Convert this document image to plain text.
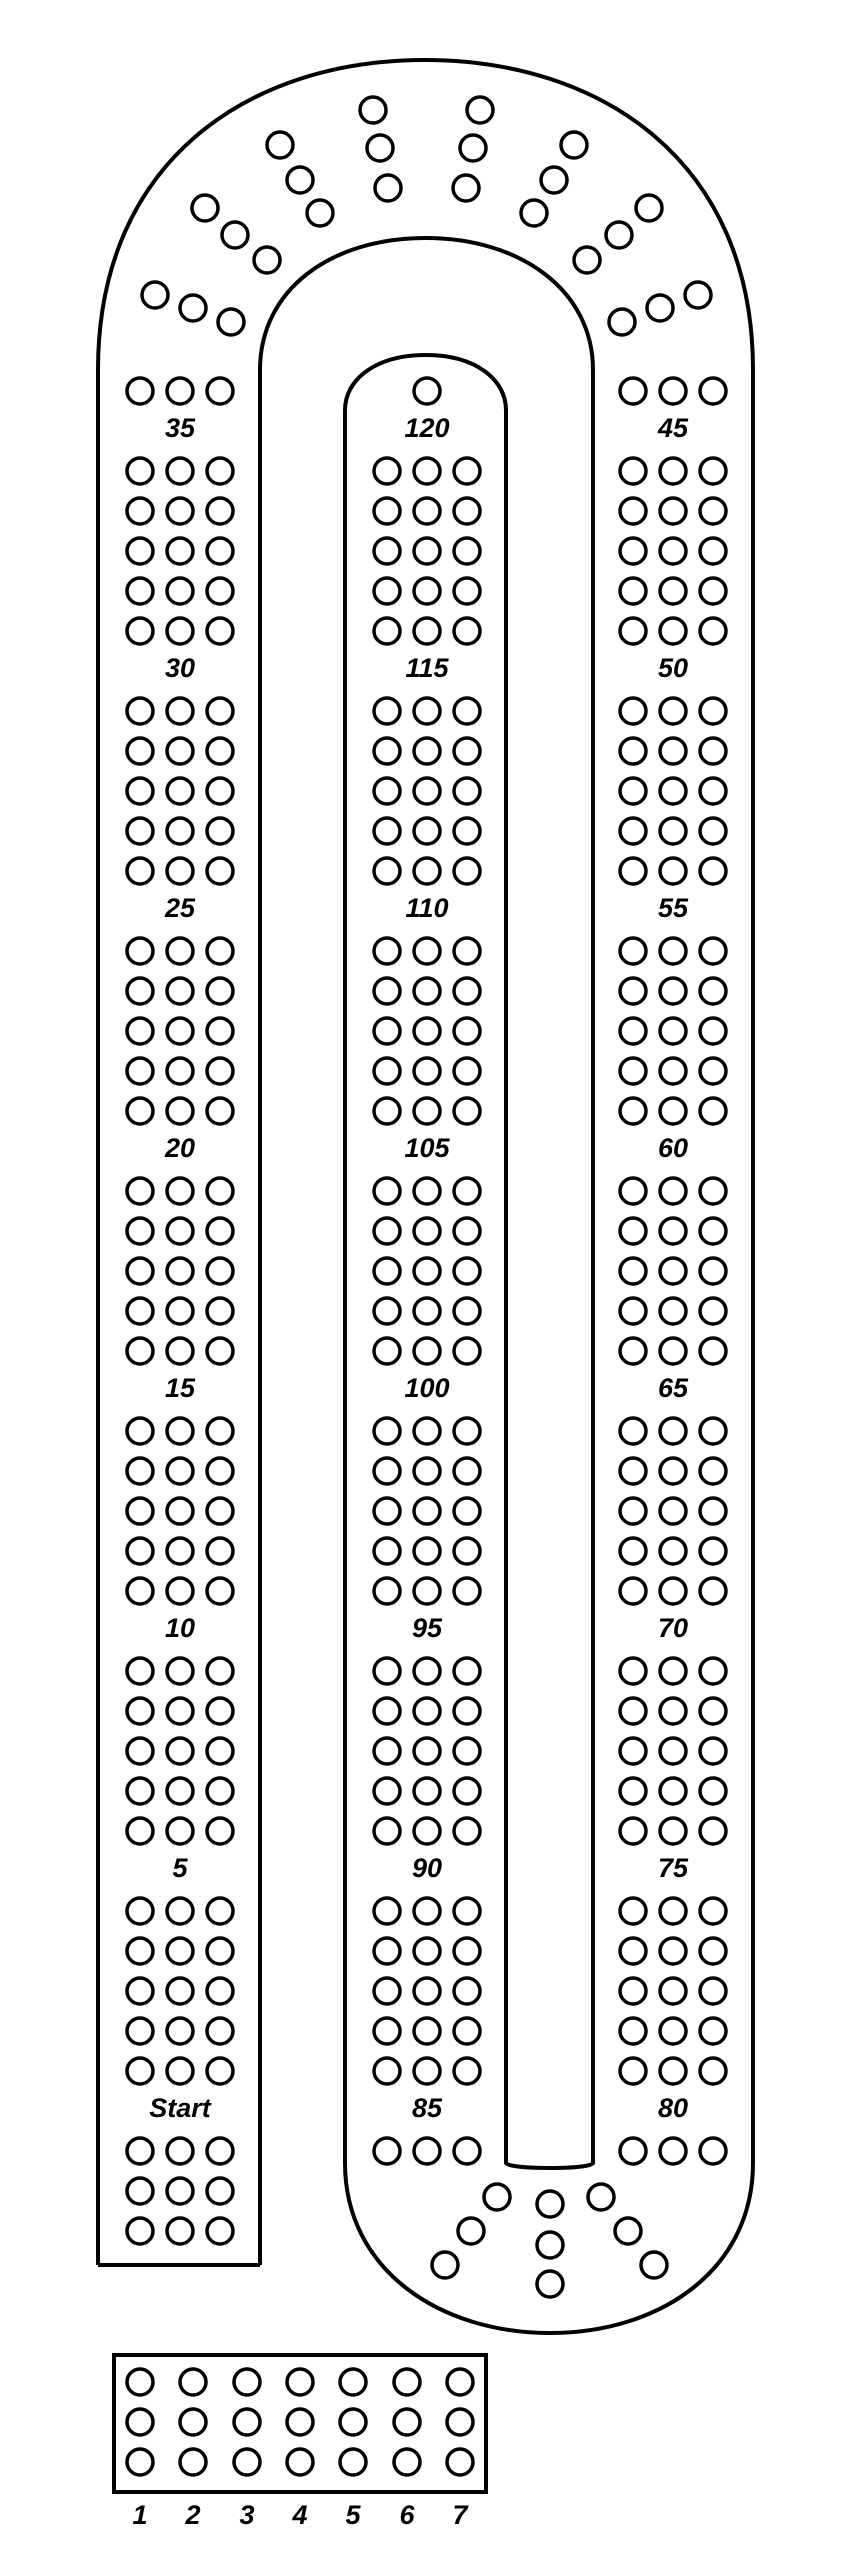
35
30
25
20
15
10
5
Start
45
50
55
60
65
70
75
80
120
115
110
105
100
95
90
85
1 2 3 4 5 6 7
